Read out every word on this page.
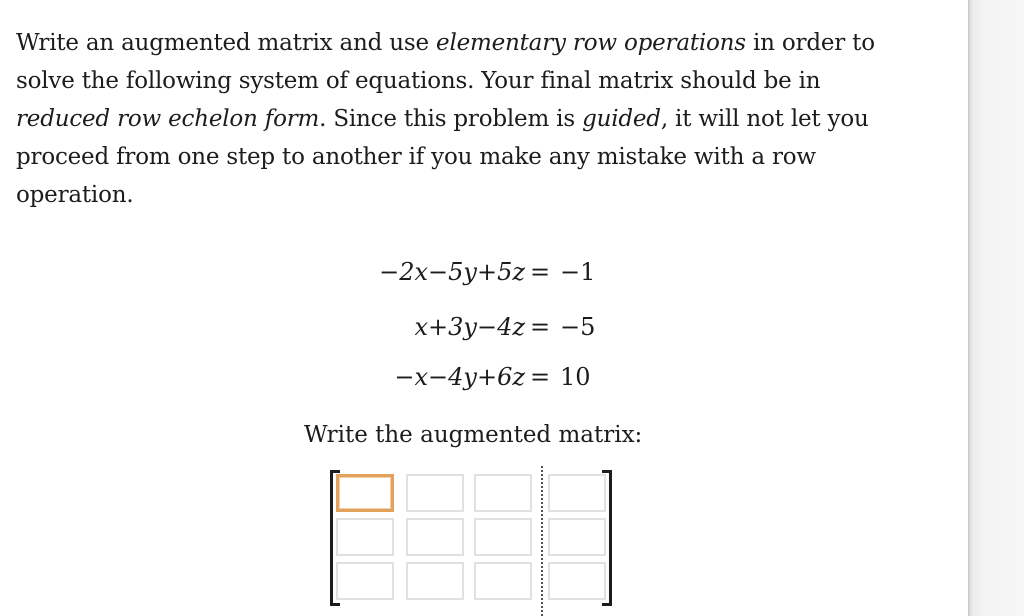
Write an augmented matrix and use elementary row operations in order to solve the following system of equations. Your final matrix should be in reduced row echelon form. Since this problem is guided, it will not let you proceed from one step to another if you make any mistake with a row operation.
−2x−5y+5z = −1
x+3y−4z = −5
−x−4y+6z = 10
Write the augmented matrix:
